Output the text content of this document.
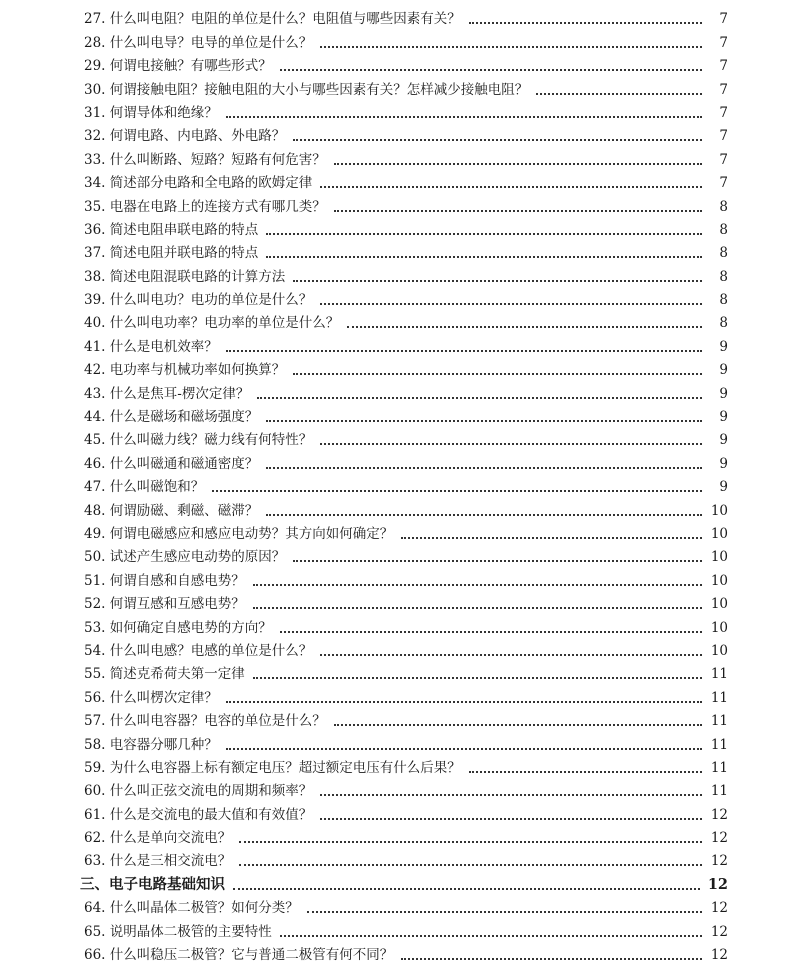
27. 什么叫电阻？电阻的单位是什么？电阻值与哪些因素有关？	7
28. 什么叫电导？电导的单位是什么？	7
29. 何谓电接触？有哪些形式？	7
30. 何谓接触电阻？接触电阻的大小与哪些因素有关？怎样减少接触电阻？	7
31. 何谓导体和绝缘？	7
32. 何谓电路、内电路、外电路？	7
33. 什么叫断路、短路？短路有何危害？	7
34. 简述部分电路和全电路的欧姆定律	7
35. 电器在电路上的连接方式有哪几类？	8
36. 简述电阻串联电路的特点	8
37. 简述电阻并联电路的特点	8
38. 简述电阻混联电路的计算方法	8
39. 什么叫电功？电功的单位是什么？	8
40. 什么叫电功率？电功率的单位是什么？	8
41. 什么是电机效率？	9
42. 电功率与机械功率如何换算？	9
43. 什么是焦耳-楞次定律？	9
44. 什么是磁场和磁场强度？	9
45. 什么叫磁力线？磁力线有何特性？	9
46. 什么叫磁通和磁通密度？	9
47. 什么叫磁饱和？	9
48. 何谓励磁、剩磁、磁滞？	10
49. 何谓电磁感应和感应电动势？其方向如何确定？	10
50. 试述产生感应电动势的原因？	10
51. 何谓自感和自感电势？	10
52. 何谓互感和互感电势？	10
53. 如何确定自感电势的方向？	10
54. 什么叫电感？电感的单位是什么？	10
55. 简述克希荷夫第一定律	11
56. 什么叫楞次定律？	11
57. 什么叫电容器？电容的单位是什么？	11
58. 电容器分哪几种？	11
59. 为什么电容器上标有额定电压？超过额定电压有什么后果？	11
60. 什么叫正弦交流电的周期和频率？	11
61. 什么是交流电的最大值和有效值？	12
62. 什么是单向交流电？	12
63. 什么是三相交流电？	12
三、电子电路基础知识	12
64. 什么叫晶体二极管？如何分类？	12
65. 说明晶体二极管的主要特性	12
66. 什么叫稳压二极管？它与普通二极管有何不同？	12
